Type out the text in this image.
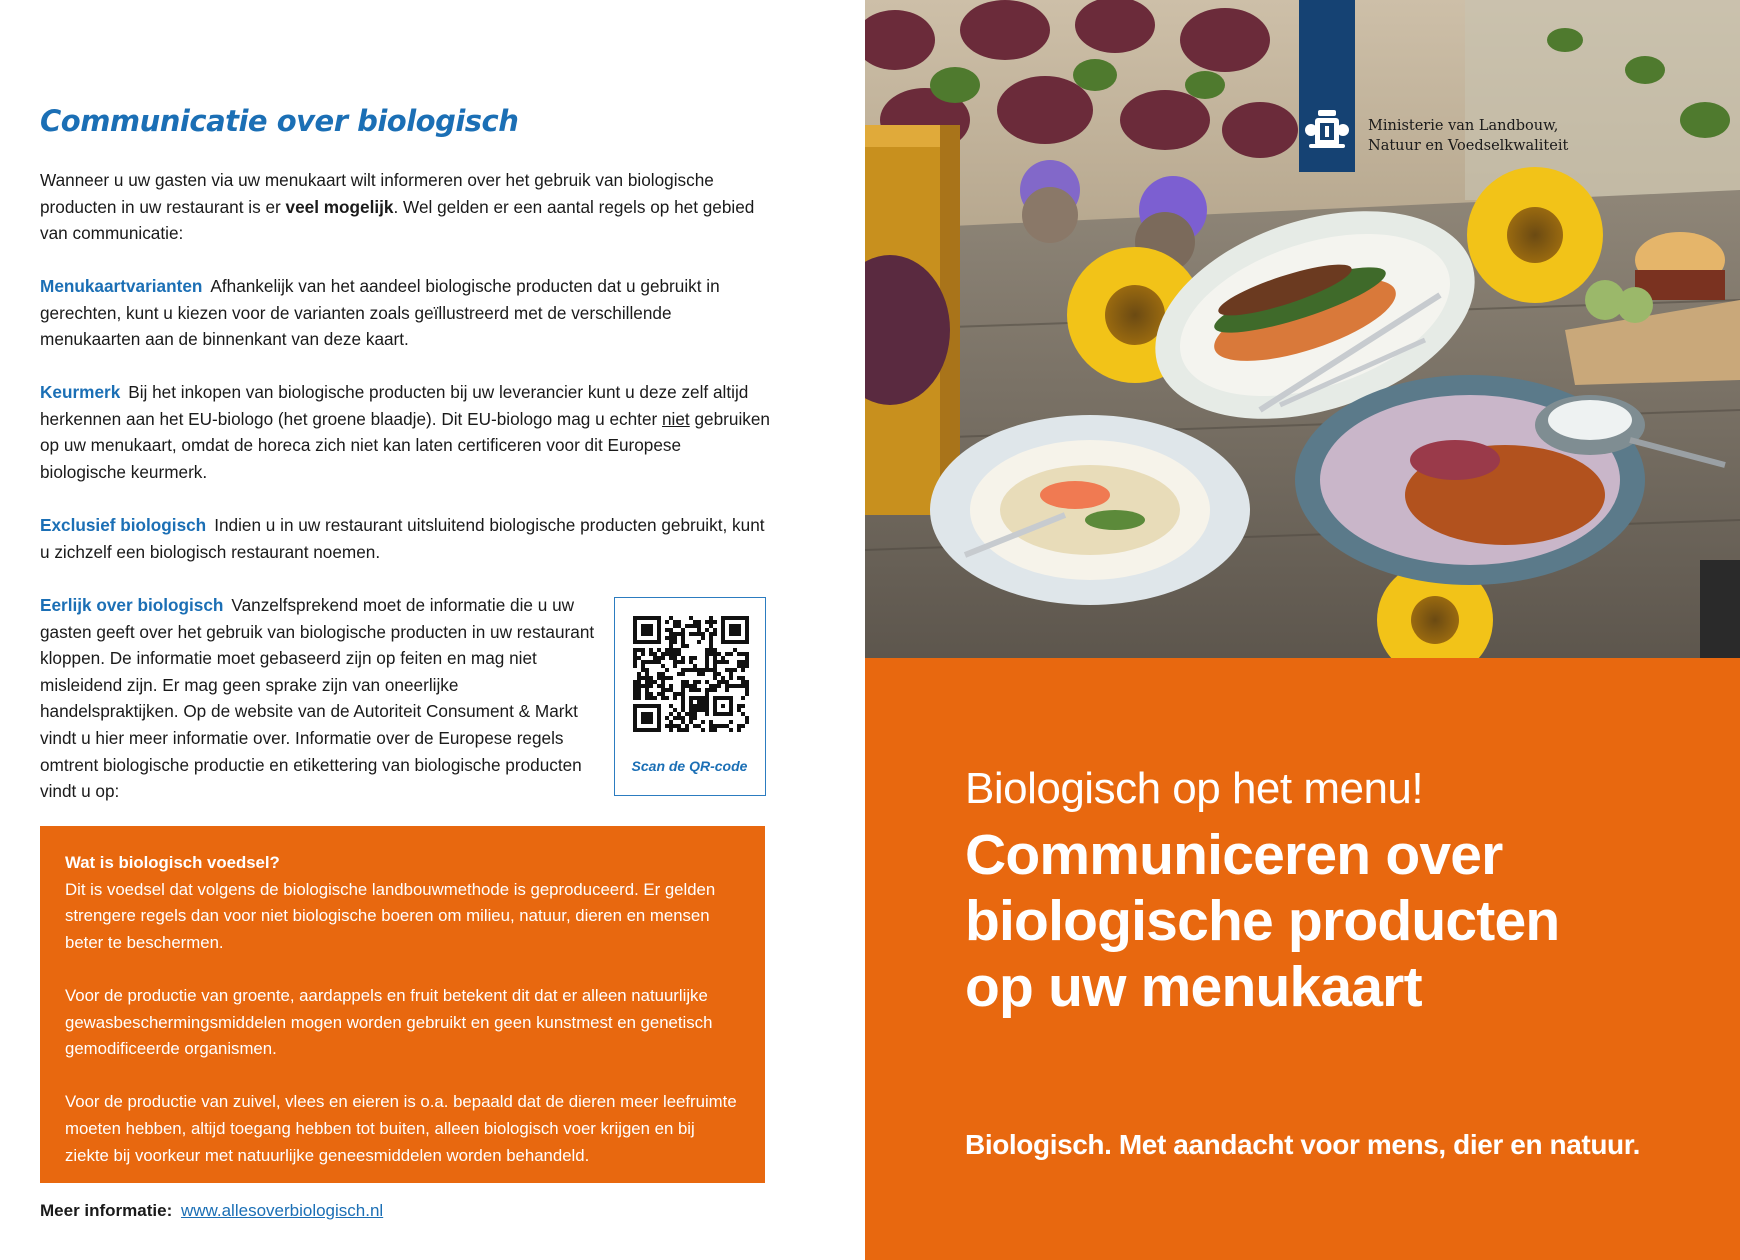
Communicatie over biologisch

Wanneer u uw gasten via uw menukaart wilt informeren over het gebruik van biologische producten in uw restaurant is er veel mogelijk. Wel gelden er een aantal regels op het gebied van communicatie:

Menukaartvarianten Afhankelijk van het aandeel biologische producten dat u gebruikt in gerechten, kunt u kiezen voor de varianten zoals geïllustreerd met de verschillende menukaarten aan de binnenkant van deze kaart.

Keurmerk Bij het inkopen van biologische producten bij uw leverancier kunt u deze zelf altijd herkennen aan het EU-biologo (het groene blaadje). Dit EU-biologo mag u echter niet gebruiken op uw menukaart, omdat de horeca zich niet kan laten certificeren voor dit Europese biologische keurmerk.

Exclusief biologisch Indien u in uw restaurant uitsluitend biologische producten gebruikt, kunt u zichzelf een biologisch restaurant noemen.

Eerlijk over biologisch Vanzelfsprekend moet de informatie die u uw gasten geeft over het gebruik van biologische producten in uw restaurant kloppen. De informatie moet gebaseerd zijn op feiten en mag niet misleidend zijn. Er mag geen sprake zijn van oneerlijke handelspraktijken. Op de website van de Autoriteit Consument & Markt vindt u hier meer informatie over. Informatie over de Europese regels omtrent biologische productie en etikettering van biologische producten vindt u op:

Scan de QR-code
Wat is biologisch voedsel?

Dit is voedsel dat volgens de biologische landbouwmethode is geproduceerd. Er gelden strengere regels dan voor niet biologische boeren om milieu, natuur, dieren en mensen beter te beschermen.

Voor de productie van groente, aardappels en fruit betekent dit dat er alleen natuurlijke gewasbeschermingsmiddelen mogen worden gebruikt en geen kunstmest en genetisch gemodificeerde organismen.

Voor de productie van zuivel, vlees en eieren is o.a. bepaald dat de dieren meer leefruimte moeten hebben, altijd toegang hebben tot buiten, alleen biologisch voer krijgen en bij ziekte bij voorkeur met natuurlijke geneesmiddelen worden behandeld.

Meer informatie: www.allesoverbiologisch.nl
Ministerie van Landbouw,
Natuur en Voedselkwaliteit
Biologisch op het menu!
Communiceren over
biologische producten
op uw menukaart
Biologisch. Met aandacht voor mens, dier en natuur.
